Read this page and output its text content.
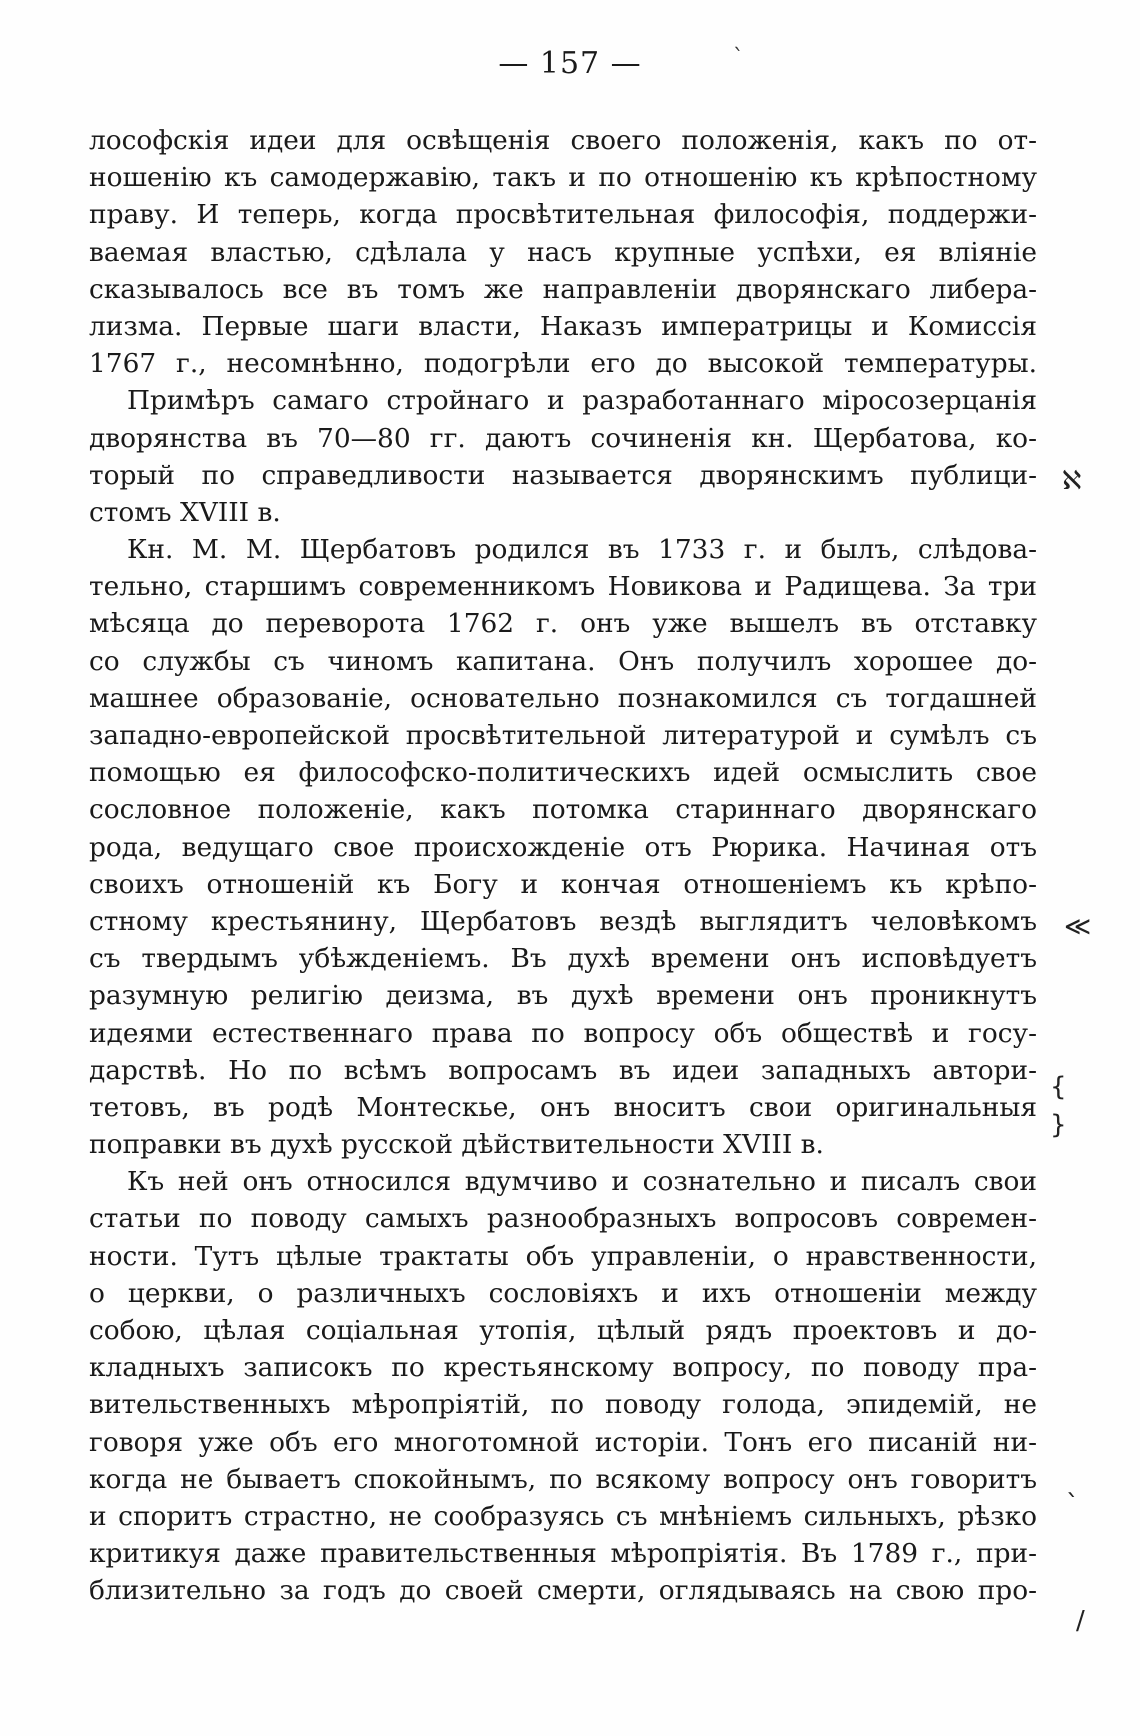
— 157 —	`
лософскія идеи для освѣщенія своего положенія, какъ по от-
ношенію къ самодержавію, такъ и по отношенію къ крѣпостному
праву. И теперь, когда просвѣтительная философія, поддержи-
ваемая властью, сдѣлала у насъ крупные успѣхи, ея вліяніе
сказывалось все въ томъ же направленіи дворянскаго либера-
лизма. Первые шаги власти, Наказъ императрицы и Комиссія
1767 г., несомнѣнно, подогрѣли его до высокой температуры.
Примѣръ самаго стройнаго и разработаннаго міросозерцанія
дворянства въ 70—80 гг. даютъ сочиненія кн. Щербатова, ко-
торый по справедливости называется дворянскимъ публици-
стомъ XVIII в.
Кн. М. М. Щербатовъ родился въ 1733 г. и былъ, слѣдова-
тельно, старшимъ современникомъ Новикова и Радищева. За три
мѣсяца до переворота 1762 г. онъ уже вышелъ въ отставку
со службы съ чиномъ капитана. Онъ получилъ хорошее до-
машнее образованіе, основательно познакомился съ тогдашней
западно-европейской просвѣтительной литературой и сумѣлъ съ
помощью ея философско-политическихъ идей осмыслить свое
сословное положеніе, какъ потомка стариннаго дворянскаго
рода, ведущаго свое происхожденіе отъ Рюрика. Начиная отъ
своихъ отношеній къ Богу и кончая отношеніемъ къ крѣпо-
стному крестьянину, Щербатовъ вездѣ выглядитъ человѣкомъ
съ твердымъ убѣжденіемъ. Въ духѣ времени онъ исповѣдуетъ
разумную религію деизма, въ духѣ времени онъ проникнутъ
идеями естественнаго права по вопросу объ обществѣ и госу-
дарствѣ. Но по всѣмъ вопросамъ въ идеи западныхъ автори-
тетовъ, въ родѣ Монтескье, онъ вноситъ свои оригинальныя
поправки въ духѣ русской дѣйствительности XVIII в.
Къ ней онъ относился вдумчиво и сознательно и писалъ свои
статьи по поводу самыхъ разнообразныхъ вопросовъ современ-
ности. Тутъ цѣлые трактаты объ управленіи, о нравственности,
о церкви, о различныхъ сословіяхъ и ихъ отношеніи между
собою, цѣлая соціальная утопія, цѣлый рядъ проектовъ и до-
кладныхъ записокъ по крестьянскому вопросу, по поводу пра-
вительственныхъ мѣропріятій, по поводу голода, эпидемій, не
говоря уже объ его многотомной исторіи. Тонъ его писаній ни-
когда не бываетъ спокойнымъ, по всякому вопросу онъ говоритъ
и споритъ страстно, не сообразуясь съ мнѣніемъ сильныхъ, рѣзко
критикуя даже правительственныя мѣропріятія. Въ 1789 г., при-
близительно за годъ до своей смерти, оглядываясь на свою про-
ℵ
≪
{
}
`
/
